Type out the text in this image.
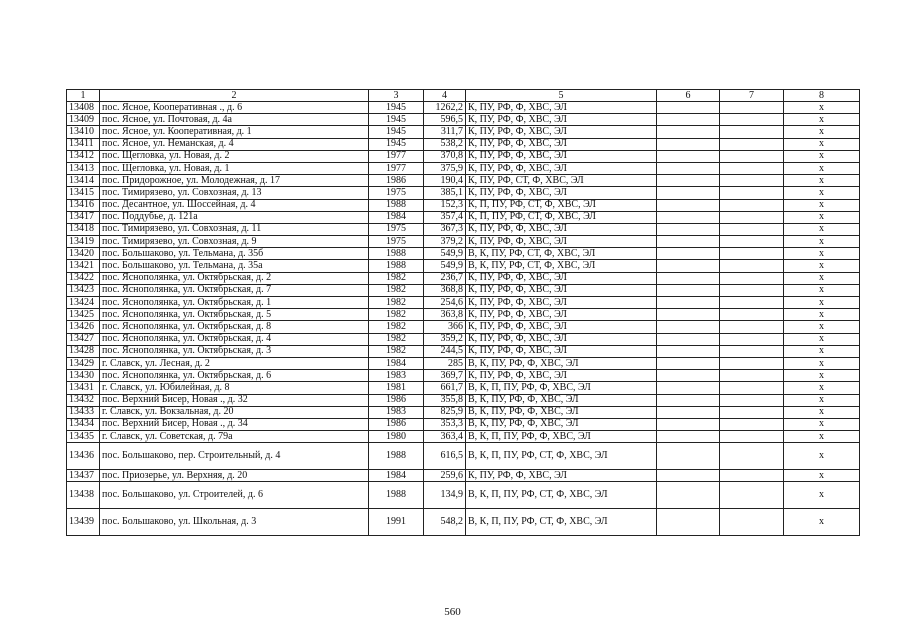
1	2	3	4	5	6	7	8
13408	пос. Ясное, Кооперативная ., д. 6	1945	1262,2	К, ПУ, РФ, Ф, ХВС, ЭЛ			х
13409	пос. Ясное, ул. Почтовая, д. 4а	1945	596,5	К, ПУ, РФ, Ф, ХВС, ЭЛ			х
13410	пос. Ясное, ул. Кооперативная, д. 1	1945	311,7	К, ПУ, РФ, Ф, ХВС, ЭЛ			х
13411	пос. Ясное, ул. Неманская, д. 4	1945	538,2	К, ПУ, РФ, Ф, ХВС, ЭЛ			х
13412	пос. Щегловка, ул. Новая, д. 2	1977	370,8	К, ПУ, РФ, Ф, ХВС, ЭЛ			х
13413	пос. Щегловка, ул. Новая, д. 1	1977	375,9	К, ПУ, РФ, Ф, ХВС, ЭЛ			х
13414	пос. Придорожное, ул. Молодежная, д. 17	1986	190,4	К, ПУ, РФ, СТ, Ф, ХВС, ЭЛ			х
13415	пос. Тимирязево, ул. Совхозная, д. 13	1975	385,1	К, ПУ, РФ, Ф, ХВС, ЭЛ			х
13416	пос. Десантное, ул. Шоссейная, д. 4	1988	152,3	К, П, ПУ, РФ, СТ, Ф, ХВС, ЭЛ			х
13417	пос. Поддубье, д. 121а	1984	357,4	К, П, ПУ, РФ, СТ, Ф, ХВС, ЭЛ			х
13418	пос. Тимирязево, ул. Совхозная, д. 11	1975	367,3	К, ПУ, РФ, Ф, ХВС, ЭЛ			х
13419	пос. Тимирязево, ул. Совхозная, д. 9	1975	379,2	К, ПУ, РФ, Ф, ХВС, ЭЛ			х
13420	пос. Большаково, ул. Тельмана, д. 35б	1988	549,9	В, К, ПУ, РФ, СТ, Ф, ХВС, ЭЛ			х
13421	пос. Большаково, ул. Тельмана, д. 35а	1988	549,9	В, К, ПУ, РФ, СТ, Ф, ХВС, ЭЛ			х
13422	пос. Яснополянка, ул. Октябрьская, д. 2	1982	236,7	К, ПУ, РФ, Ф, ХВС, ЭЛ			х
13423	пос. Яснополянка, ул. Октябрьская, д. 7	1982	368,8	К, ПУ, РФ, Ф, ХВС, ЭЛ			х
13424	пос. Яснополянка, ул. Октябрьская, д. 1	1982	254,6	К, ПУ, РФ, Ф, ХВС, ЭЛ			х
13425	пос. Яснополянка, ул. Октябрьская, д. 5	1982	363,8	К, ПУ, РФ, Ф, ХВС, ЭЛ			х
13426	пос. Яснополянка, ул. Октябрьская, д. 8	1982	366	К, ПУ, РФ, Ф, ХВС, ЭЛ			х
13427	пос. Яснополянка, ул. Октябрьская, д. 4	1982	359,2	К, ПУ, РФ, Ф, ХВС, ЭЛ			х
13428	пос. Яснополянка, ул. Октябрьская, д. 3	1982	244,5	К, ПУ, РФ, Ф, ХВС, ЭЛ			х
13429	г. Славск, ул. Лесная, д. 2	1984	285	В, К, ПУ, РФ, Ф, ХВС, ЭЛ			х
13430	пос. Яснополянка, ул. Октябрьская, д. 6	1983	369,7	К, ПУ, РФ, Ф, ХВС, ЭЛ			х
13431	г. Славск, ул. Юбилейная, д. 8	1981	661,7	В, К, П, ПУ, РФ, Ф, ХВС, ЭЛ			х
13432	пос. Верхний Бисер, Новая ., д. 32	1986	355,8	В, К, ПУ, РФ, Ф, ХВС, ЭЛ			х
13433	г. Славск, ул. Вокзальная, д. 20	1983	825,9	В, К, ПУ, РФ, Ф, ХВС, ЭЛ			х
13434	пос. Верхний Бисер, Новая ., д. 34	1986	353,3	В, К, ПУ, РФ, Ф, ХВС, ЭЛ			х
13435	г. Славск, ул. Советская, д. 79а	1980	363,4	В, К, П, ПУ, РФ, Ф, ХВС, ЭЛ			х
13436	пос. Большаково, пер. Строительный, д. 4	1988	616,5	В, К, П, ПУ, РФ, СТ, Ф, ХВС, ЭЛ			х
13437	пос. Приозерье, ул. Верхняя, д. 20	1984	259,6	К, ПУ, РФ, Ф, ХВС, ЭЛ			х
13438	пос. Большаково, ул. Строителей, д. 6	1988	134,9	В, К, П, ПУ, РФ, СТ, Ф, ХВС, ЭЛ			х
13439	пос. Большаково, ул. Школьная, д. 3	1991	548,2	В, К, П, ПУ, РФ, СТ, Ф, ХВС, ЭЛ			х
560
